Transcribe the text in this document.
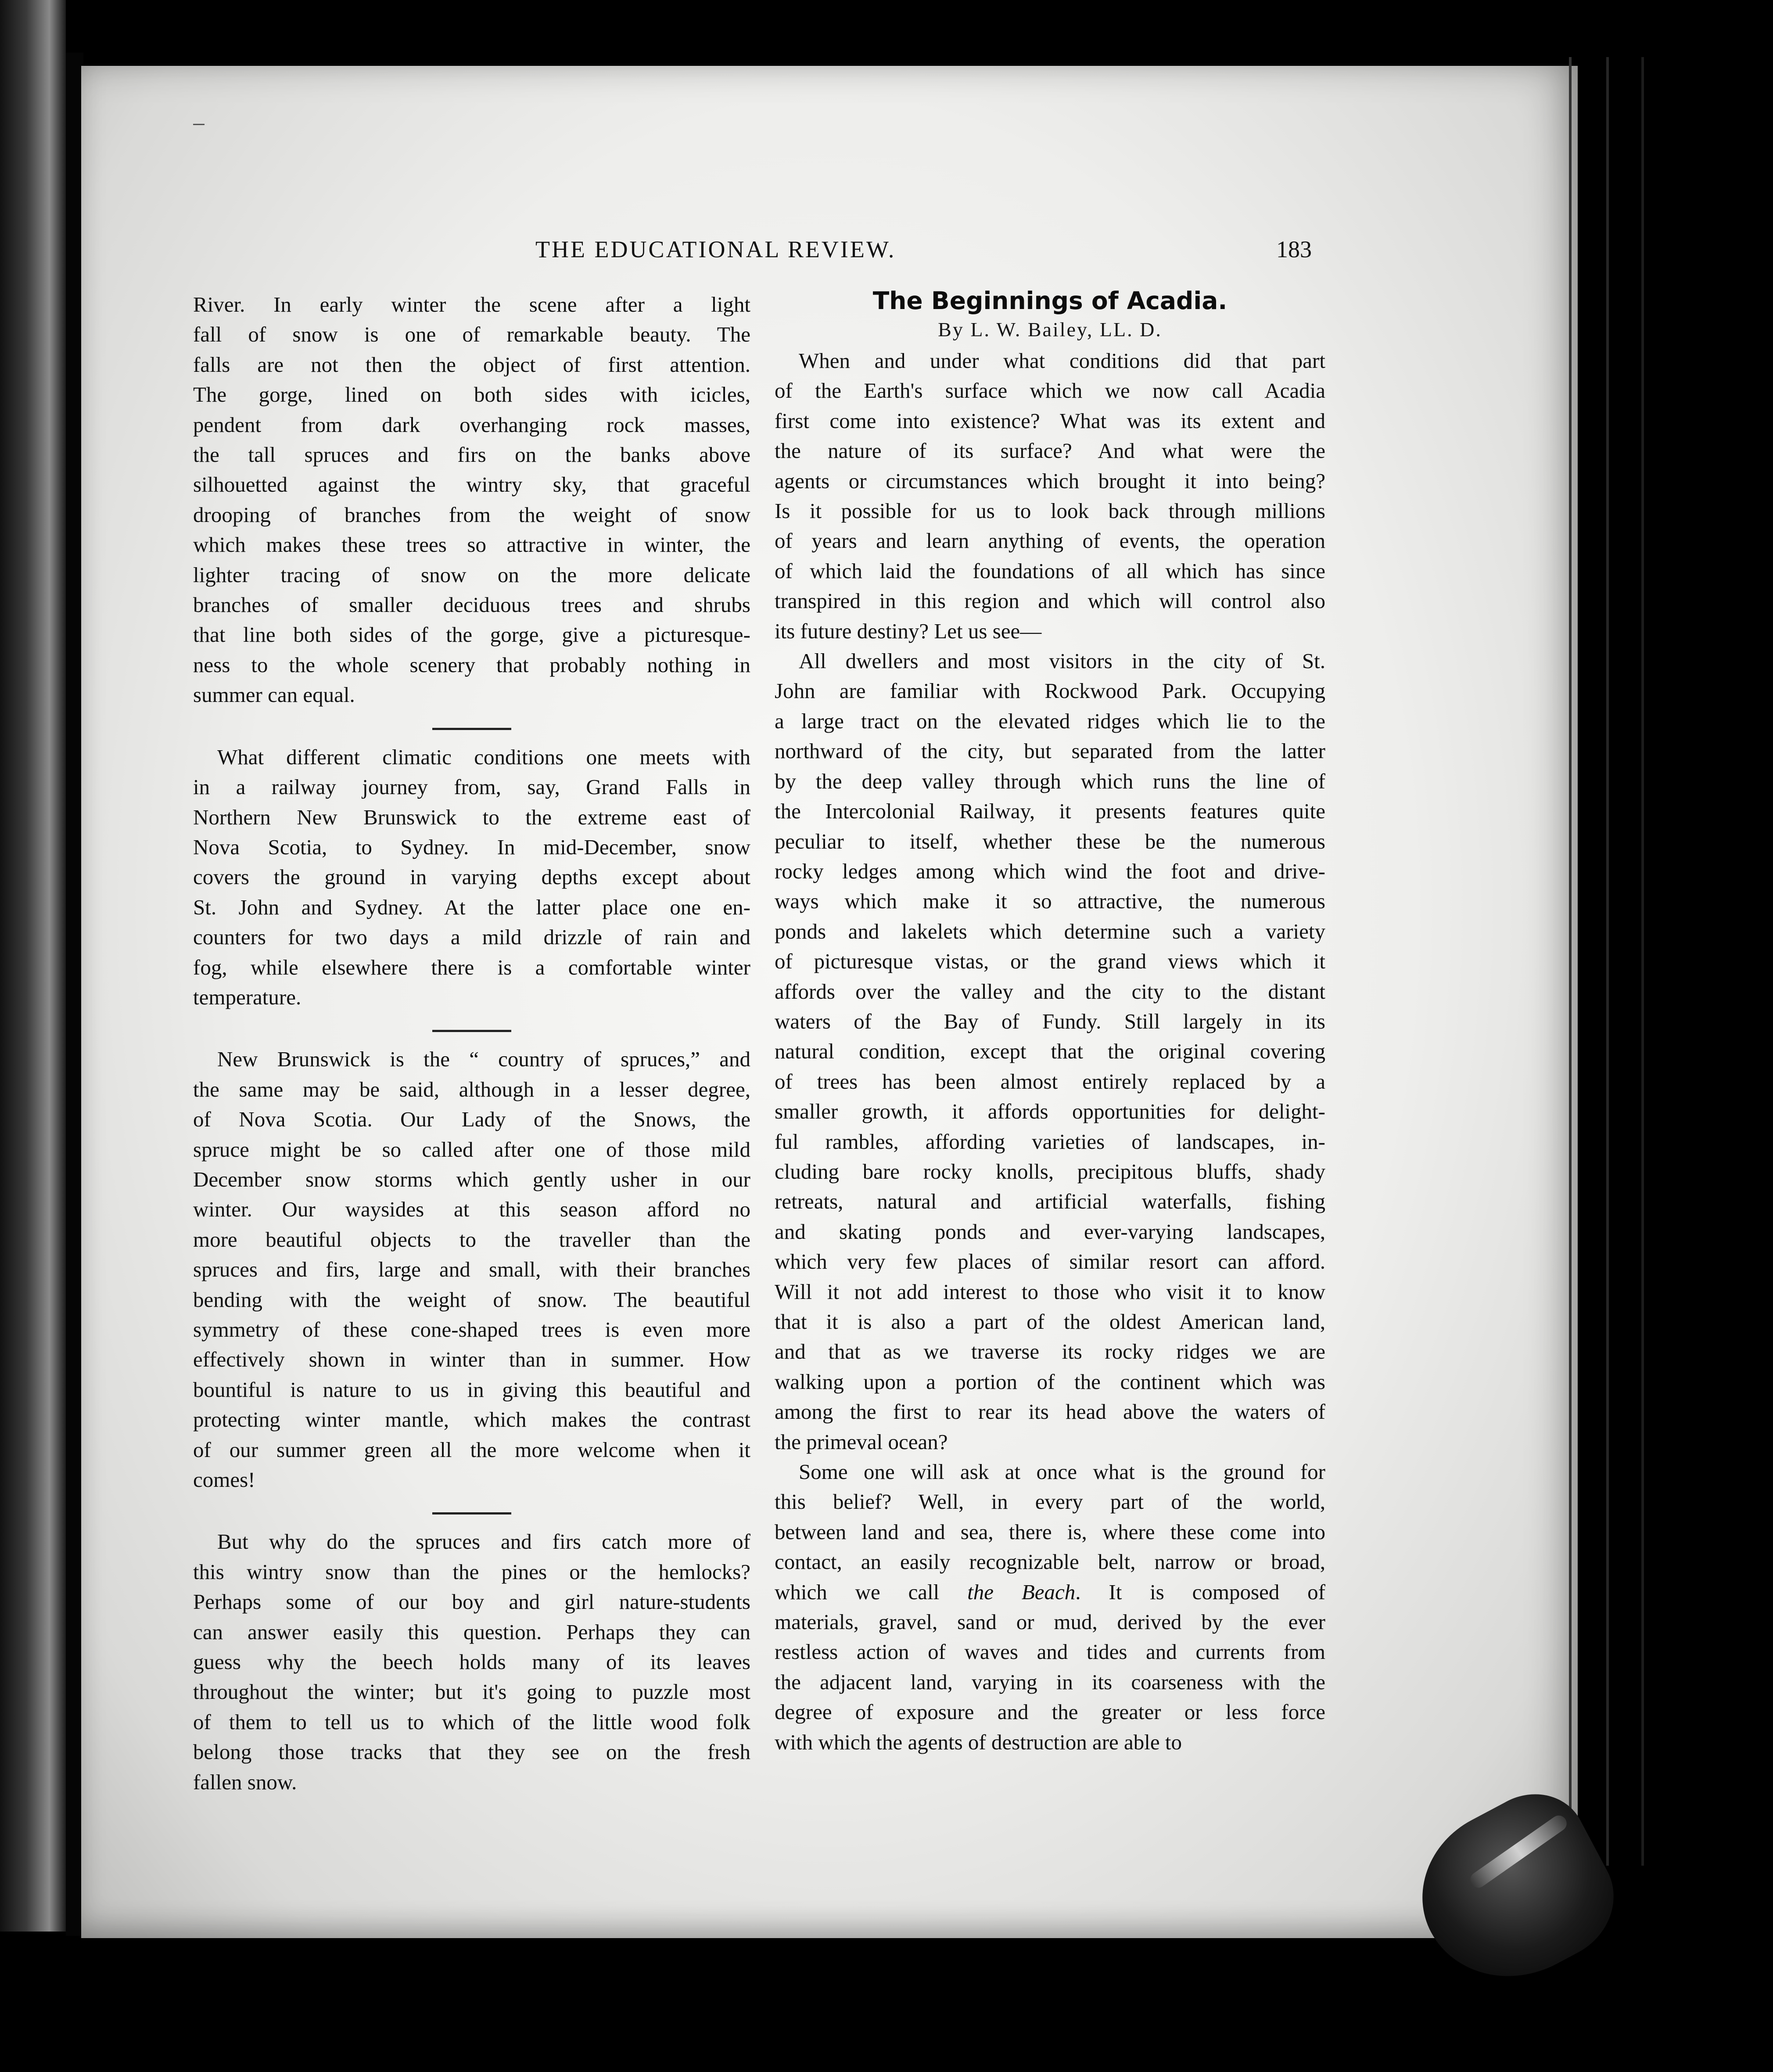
THE EDUCATIONAL REVIEW.	183
River. In early winter the scene after a light
fall of snow is one of remarkable beauty. The
falls are not then the object of first attention.
The gorge, lined on both sides with icicles,
pendent from dark overhanging rock masses,
the tall spruces and firs on the banks above
silhouetted against the wintry sky, that graceful
drooping of branches from the weight of snow
which makes these trees so attractive in winter, the
lighter tracing of snow on the more delicate
branches of smaller deciduous trees and shrubs
that line both sides of the gorge, give a picturesque-
ness to the whole scenery that probably nothing in
summer can equal.
What different climatic conditions one meets with
in a railway journey from, say, Grand Falls in
Northern New Brunswick to the extreme east of
Nova Scotia, to Sydney. In mid-December, snow
covers the ground in varying depths except about
St. John and Sydney. At the latter place one en-
counters for two days a mild drizzle of rain and
fog, while elsewhere there is a comfortable winter
temperature.
New Brunswick is the “ country of spruces,” and
the same may be said, although in a lesser degree,
of Nova Scotia. Our Lady of the Snows, the
spruce might be so called after one of those mild
December snow storms which gently usher in our
winter. Our waysides at this season afford no
more beautiful objects to the traveller than the
spruces and firs, large and small, with their branches
bending with the weight of snow. The beautiful
symmetry of these cone-shaped trees is even more
effectively shown in winter than in summer. How
bountiful is nature to us in giving this beautiful and
protecting winter mantle, which makes the contrast
of our summer green all the more welcome when it
comes!
But why do the spruces and firs catch more of
this wintry snow than the pines or the hemlocks?
Perhaps some of our boy and girl nature-students
can answer easily this question. Perhaps they can
guess why the beech holds many of its leaves
throughout the winter; but it's going to puzzle most
of them to tell us to which of the little wood folk
belong those tracks that they see on the fresh
fallen snow.
The Beginnings of Acadia.

By L. W. Bailey, LL. D.

When and under what conditions did that part
of the Earth's surface which we now call Acadia
first come into existence? What was its extent and
the nature of its surface? And what were the
agents or circumstances which brought it into being?
Is it possible for us to look back through millions
of years and learn anything of events, the operation
of which laid the foundations of all which has since
transpired in this region and which will control also
its future destiny? Let us see—
All dwellers and most visitors in the city of St.
John are familiar with Rockwood Park. Occupying
a large tract on the elevated ridges which lie to the
northward of the city, but separated from the latter
by the deep valley through which runs the line of
the Intercolonial Railway, it presents features quite
peculiar to itself, whether these be the numerous
rocky ledges among which wind the foot and drive-
ways which make it so attractive, the numerous
ponds and lakelets which determine such a variety
of picturesque vistas, or the grand views which it
affords over the valley and the city to the distant
waters of the Bay of Fundy. Still largely in its
natural condition, except that the original covering
of trees has been almost entirely replaced by a
smaller growth, it affords opportunities for delight-
ful rambles, affording varieties of landscapes, in-
cluding bare rocky knolls, precipitous bluffs, shady
retreats, natural and artificial waterfalls, fishing
and skating ponds and ever-varying landscapes,
which very few places of similar resort can afford.
Will it not add interest to those who visit it to know
that it is also a part of the oldest American land,
and that as we traverse its rocky ridges we are
walking upon a portion of the continent which was
among the first to rear its head above the waters of
the primeval ocean?
Some one will ask at once what is the ground for
this belief? Well, in every part of the world,
between land and sea, there is, where these come into
contact, an easily recognizable belt, narrow or broad,
which we call the Beach. It is composed of
materials, gravel, sand or mud, derived by the ever
restless action of waves and tides and currents from
the adjacent land, varying in its coarseness with the
degree of exposure and the greater or less force
with which the agents of destruction are able to
